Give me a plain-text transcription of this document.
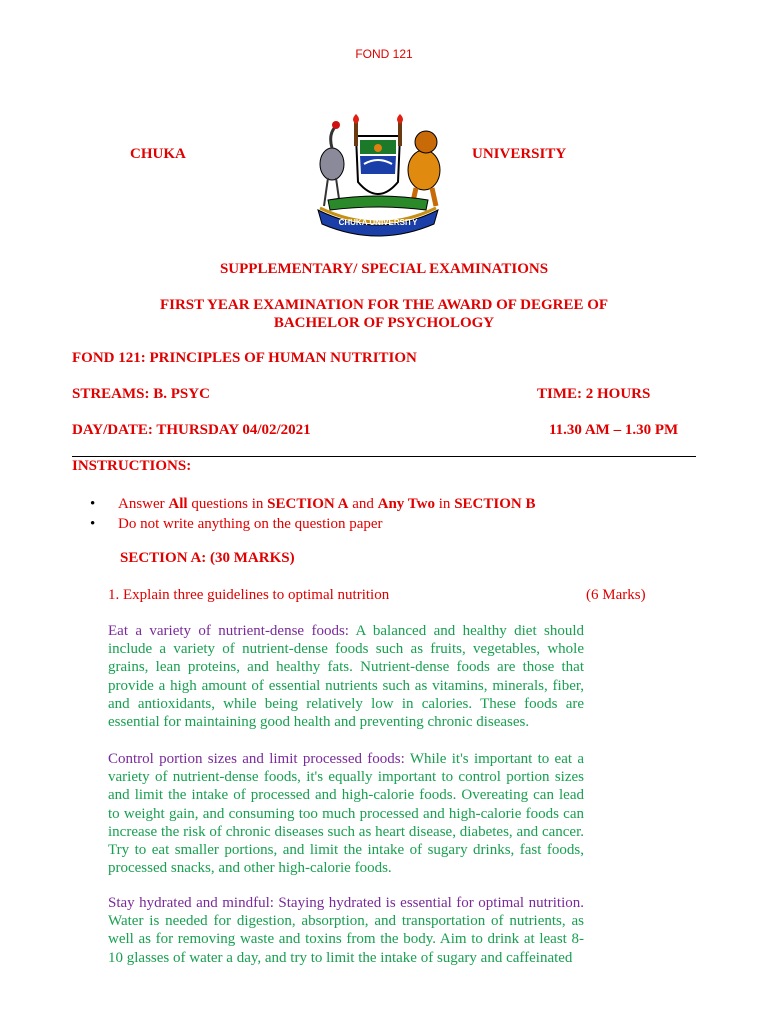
FOND 121
CHUKA	UNIVERSITY
CHUKA UNIVERSITY
SUPPLEMENTARY/ SPECIAL EXAMINATIONS
FIRST YEAR EXAMINATION FOR THE AWARD OF DEGREE OF
BACHELOR OF PSYCHOLOGY
FOND 121: PRINCIPLES OF HUMAN NUTRITION
STREAMS: B. PSYC	TIME: 2 HOURS
DAY/DATE: THURSDAY 04/02/2021	11.30 AM – 1.30 PM
INSTRUCTIONS:
• Answer All questions in SECTION A and Any Two in SECTION B
• Do not write anything on the question paper
SECTION A: (30 MARKS)
1. Explain three guidelines to optimal nutrition	(6 Marks)
Eat a variety of nutrient-dense foods: A balanced and healthy diet should include a variety of nutrient-dense foods such as fruits, vegetables, whole grains, lean proteins, and healthy fats. Nutrient-dense foods are those that provide a high amount of essential nutrients such as vitamins, minerals, fiber, and antioxidants, while being relatively low in calories. These foods are essential for maintaining good health and preventing chronic diseases.
Control portion sizes and limit processed foods: While it's important to eat a variety of nutrient-dense foods, it's equally important to control portion sizes and limit the intake of processed and high-calorie foods. Overeating can lead to weight gain, and consuming too much processed and high-calorie foods can increase the risk of chronic diseases such as heart disease, diabetes, and cancer. Try to eat smaller portions, and limit the intake of sugary drinks, fast foods, processed snacks, and other high-calorie foods.
Stay hydrated and mindful: Staying hydrated is essential for optimal nutrition. Water is needed for digestion, absorption, and transportation of nutrients, as well as for removing waste and toxins from the body. Aim to drink at least 8-10 glasses of water a day, and try to limit the intake of sugary and caffeinated
